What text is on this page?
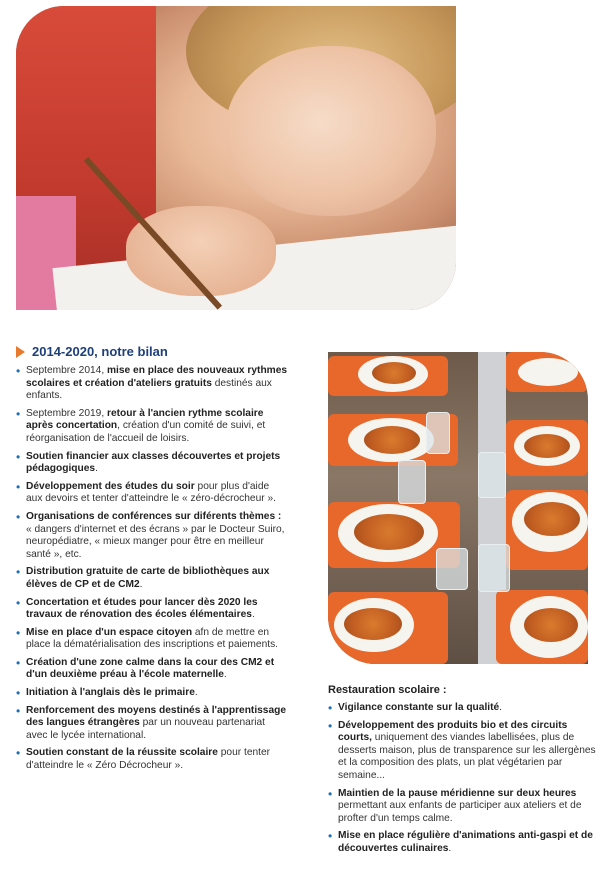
2014-2020, notre bilan
• Septembre 2014, mise en place des nouveaux rythmes scolaires et création d'ateliers gratuits destinés aux enfants.
• Septembre 2019, retour à l'ancien rythme scolaire après concertation, création d'un comité de suivi, et réorganisation de l'accueil de loisirs.
• Soutien financier aux classes découvertes et projets pédagogiques.
• Développement des études du soir pour plus d'aide aux devoirs et tenter d'atteindre le « zéro-décrocheur ».
• Organisations de conférences sur diférents thèmes : « dangers d'internet et des écrans » par le Docteur Suiro, neuropédiatre, « mieux manger pour être en meilleur santé », etc.
• Distribution gratuite de carte de bibliothèques aux élèves de CP et de CM2.
• Concertation et études pour lancer dès 2020 les travaux de rénovation des écoles élémentaires.
• Mise en place d'un espace citoyen afn de mettre en place la dématérialisation des inscriptions et paiements.
• Création d'une zone calme dans la cour des CM2 et d'un deuxième préau à l'école maternelle.
• Initiation à l'anglais dès le primaire.
• Renforcement des moyens destinés à l'apprentissage des langues étrangères par un nouveau partenariat avec le lycée international.
• Soutien constant de la réussite scolaire pour tenter d'atteindre le « Zéro Décrocheur ».
Restauration scolaire :
• Vigilance constante sur la qualité.
• Développement des produits bio et des circuits courts, uniquement des viandes labellisées, plus de desserts maison, plus de transparence sur les allergènes et la composition des plats, un plat végétarien par semaine...
• Maintien de la pause méridienne sur deux heures permettant aux enfants de participer aux ateliers et de profter d'un temps calme.
• Mise en place régulière d'animations anti-gaspi et de découvertes culinaires.
